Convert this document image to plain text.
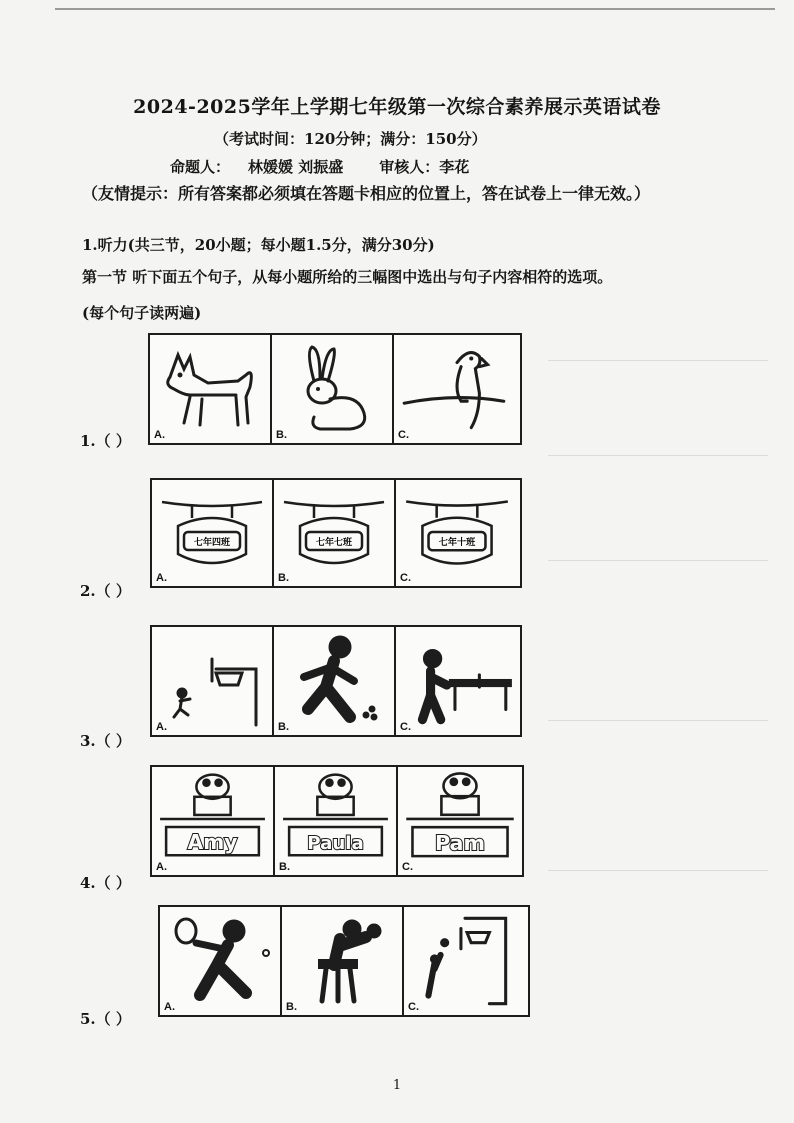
2024-2025学年上学期七年级第一次综合素养展示英语试卷
（考试时间：120分钟；满分：150分）
命题人： 林媛媛 刘振盛 审核人：李花
（友情提示：所有答案都必须填在答题卡相应的位置上，答在试卷上一律无效。）
1.听力(共三节，20小题；每小题1.5分，满分30分)
第一节 听下面五个句子，从每小题所给的三幅图中选出与句子内容相符的选项。
(每个句子读两遍)
1.（ ） A.	B.	C.
2.（ ）
七年四班
A.
七年七班
B.
七年十班
C.
3.（ ）
A.	B.	C.
4.（ ）
Amy
A.
Paula
B.
Pam
C.
5.（ ）
A.	B.	C.
1
